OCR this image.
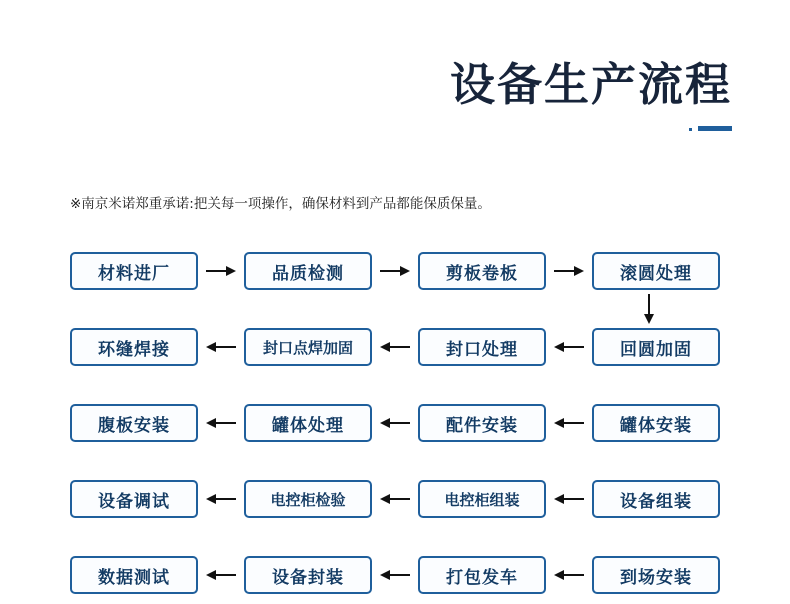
设备生产流程
※南京米诺郑重承诺:把关每一项操作，确保材料到产品都能保质保量。
材料进厂	品质检测	剪板卷板	滚圆处理
环缝焊接	封口点焊加固	封口处理	回圆加固
腹板安装	罐体处理	配件安装	罐体安装
设备调试	电控柜检验	电控柜组装	设备组装
数据测试	设备封装	打包发车	到场安装
